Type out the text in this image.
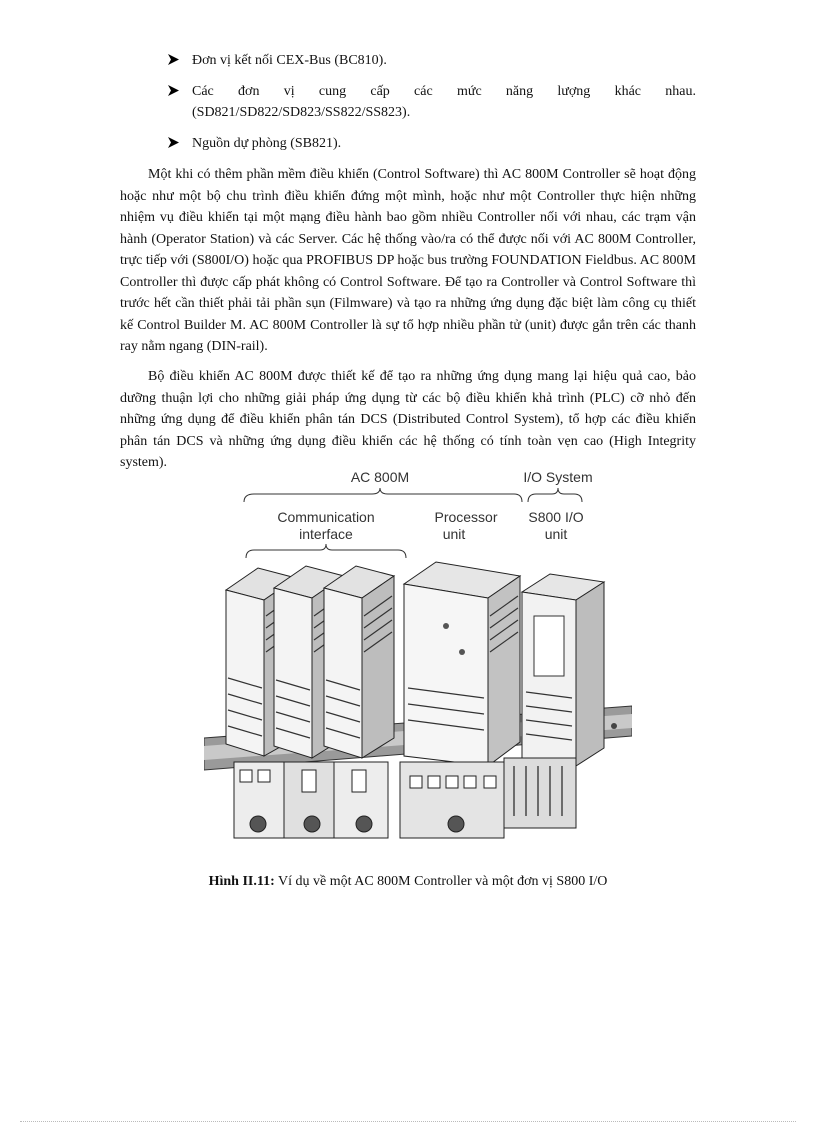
Đơn vị kết nối CEX-Bus (BC810).
Các đơn vị cung cấp các mức năng lượng khác nhau. (SD821/SD822/SD823/SS822/SS823).
Nguồn dự phòng (SB821).

Một khi có thêm phần mềm điều khiển (Control Software) thì AC 800M Controller sẽ hoạt động hoặc như một bộ chu trình điều khiển đứng một mình, hoặc như một Controller thực hiện những nhiệm vụ điều khiển tại một mạng điều hành bao gồm nhiều Controller nối với nhau, các trạm vận hành (Operator Station) và các Server. Các hệ thống vào/ra có thể được nối với AC 800M Controller, trực tiếp với (S800I/O) hoặc qua PROFIBUS DP hoặc bus trường FOUNDATION Fieldbus. AC 800M Controller thì được cấp phát không có Control Software. Để tạo ra Controller và Control Software thì trước hết cần thiết phải tải phần sụn (Filmware) và tạo ra những ứng dụng đặc biệt làm công cụ thiết kế Control Builder M. AC 800M Controller là sự tổ hợp nhiều phần tử (unit) được gắn trên các thanh ray nằm ngang (DIN-rail).

Bộ điều khiển AC 800M được thiết kế để tạo ra những ứng dụng mang lại hiệu quả cao, bảo dưỡng thuận lợi cho những giải pháp ứng dụng từ các bộ điều khiển khả trình (PLC) cỡ nhỏ đến những ứng dụng để điều khiển phân tán DCS (Distributed Control System), tổ hợp các điều khiển phân tán DCS và những ứng dụng điều khiển các hệ thống có tính toàn vẹn cao (High Integrity system).

AC 800M	I/O System
Communication
interface
Processor
unit
S800 I/O
unit
Hình II.11: Ví dụ về một AC 800M Controller và một đơn vị S800 I/O
